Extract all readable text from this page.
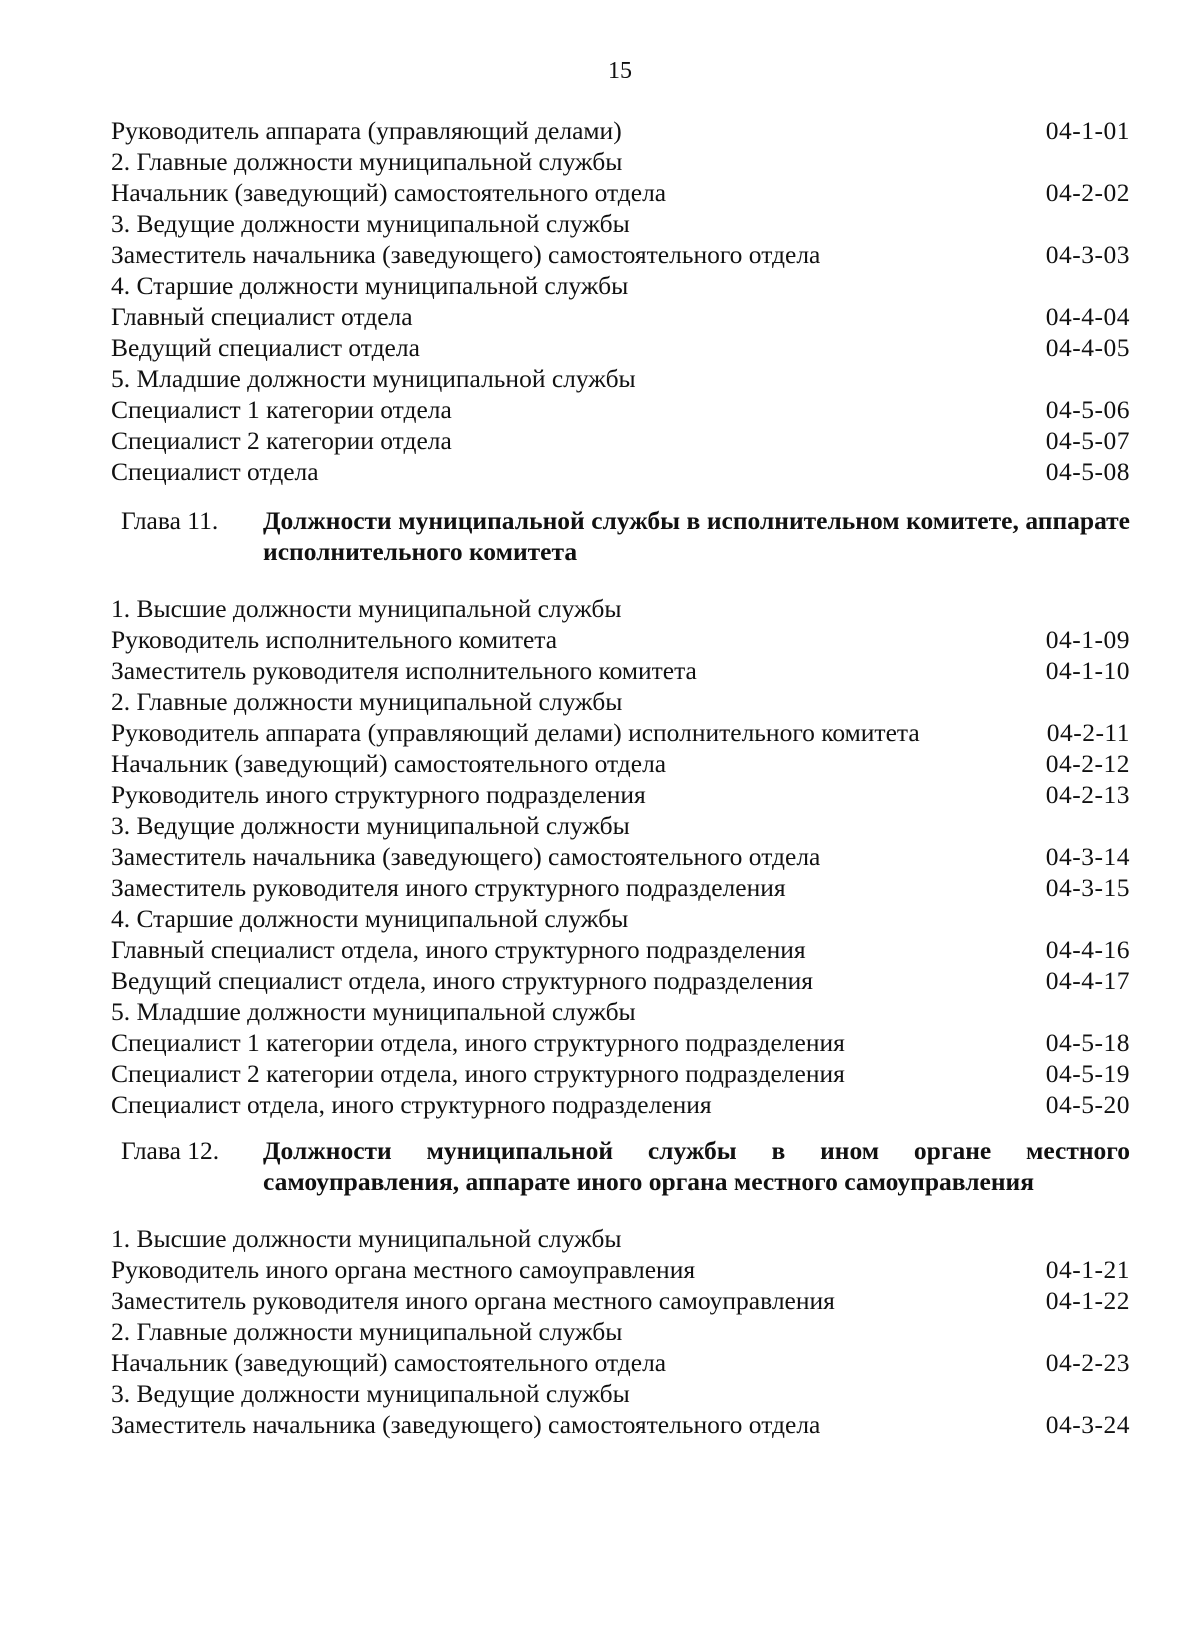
15
Руководитель аппарата (управляющий делами)	04-1-01
2. Главные должности муниципальной службы
Начальник (заведующий) самостоятельного отдела	04-2-02
3. Ведущие должности муниципальной службы
Заместитель начальника (заведующего) самостоятельного отдела	04-3-03
4. Старшие должности муниципальной службы
Главный специалист отдела	04-4-04
Ведущий специалист отдела	04-4-05
5. Младшие должности муниципальной службы
Специалист 1 категории отдела	04-5-06
Специалист 2 категории отдела	04-5-07
Специалист отдела	04-5-08
Глава 11.	Должности муниципальной службы в исполнительном комитете, аппарате исполнительного комитета
1. Высшие должности муниципальной службы
Руководитель исполнительного комитета	04-1-09
Заместитель руководителя исполнительного комитета	04-1-10
2. Главные должности муниципальной службы
Руководитель аппарата (управляющий делами) исполнительного комитета	04-2-11
Начальник (заведующий) самостоятельного отдела	04-2-12
Руководитель иного структурного подразделения	04-2-13
3. Ведущие должности муниципальной службы
Заместитель начальника (заведующего) самостоятельного отдела	04-3-14
Заместитель руководителя иного структурного подразделения	04-3-15
4. Старшие должности муниципальной службы
Главный специалист отдела, иного структурного подразделения	04-4-16
Ведущий специалист отдела, иного структурного подразделения	04-4-17
5. Младшие должности муниципальной службы
Специалист 1 категории отдела, иного структурного подразделения	04-5-18
Специалист 2 категории отдела, иного структурного подразделения	04-5-19
Специалист отдела, иного структурного подразделения	04-5-20
Глава 12.	Должности муниципальной службы в ином органе местного самоуправления, аппарате иного органа местного самоуправления
1. Высшие должности муниципальной службы
Руководитель иного органа местного самоуправления	04-1-21
Заместитель руководителя иного органа местного самоуправления	04-1-22
2. Главные должности муниципальной службы
Начальник (заведующий) самостоятельного отдела	04-2-23
3. Ведущие должности муниципальной службы
Заместитель начальника (заведующего) самостоятельного отдела	04-3-24
